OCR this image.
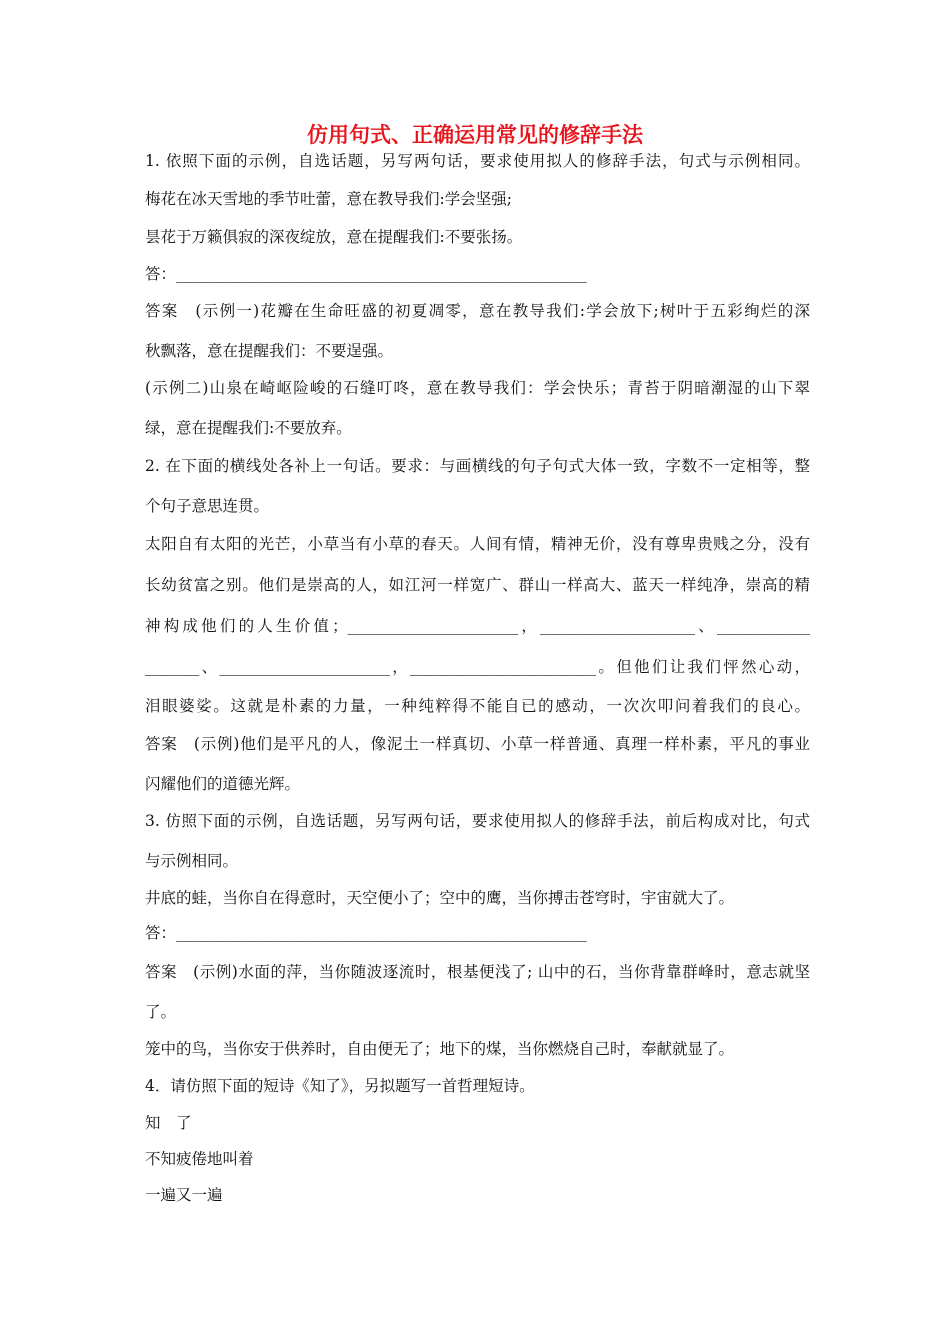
仿用句式、正确运用常见的修辞手法
1. 依照下面的示例，自选话题，另写两句话，要求使用拟人的修辞手法，句式与示例相同。
梅花在冰天雪地的季节吐蕾，意在教导我们:学会坚强;
昙花于万籁俱寂的深夜绽放，意在提醒我们:不要张扬。
答：_____________________________________________________
答案　(示例一)花瓣在生命旺盛的初夏凋零，意在教导我们:学会放下;树叶于五彩绚烂的深
秋飘落，意在提醒我们：不要逞强。
(示例二)山泉在崎岖险峻的石缝叮咚，意在教导我们：学会快乐；青苔于阴暗潮湿的山下翠
绿，意在提醒我们:不要放弃。
2. 在下面的横线处各补上一句话。要求：与画横线的句子句式大体一致，字数不一定相等，整
个句子意思连贯。
太阳自有太阳的光芒，小草当有小草的春天。人间有情，精神无价，没有尊卑贵贱之分，没有
长幼贫富之别。他们是崇高的人，如江河一样宽广、群山一样高大、蓝天一样纯净，崇高的精
神构成他们的人生价值；______________________，____________________、____________
_______、______________________，________________________。但他们让我们怦然心动，
泪眼婆娑。这就是朴素的力量，一种纯粹得不能自已的感动，一次次叩问着我们的良心。
答案　(示例)他们是平凡的人，像泥土一样真切、小草一样普通、真理一样朴素，平凡的事业
闪耀他们的道德光辉。
3. 仿照下面的示例，自选话题，另写两句话，要求使用拟人的修辞手法，前后构成对比，句式
与示例相同。
井底的蛙，当你自在得意时，天空便小了；空中的鹰，当你搏击苍穹时，宇宙就大了。
答：_____________________________________________________
答案　(示例)水面的萍，当你随波逐流时，根基便浅了; 山中的石，当你背靠群峰时，意志就坚
了。
笼中的鸟，当你安于供养时，自由便无了；地下的煤，当你燃烧自己时，奉献就显了。
4．请仿照下面的短诗《知了》，另拟题写一首哲理短诗。
知　了
不知疲倦地叫着
一遍又一遍
